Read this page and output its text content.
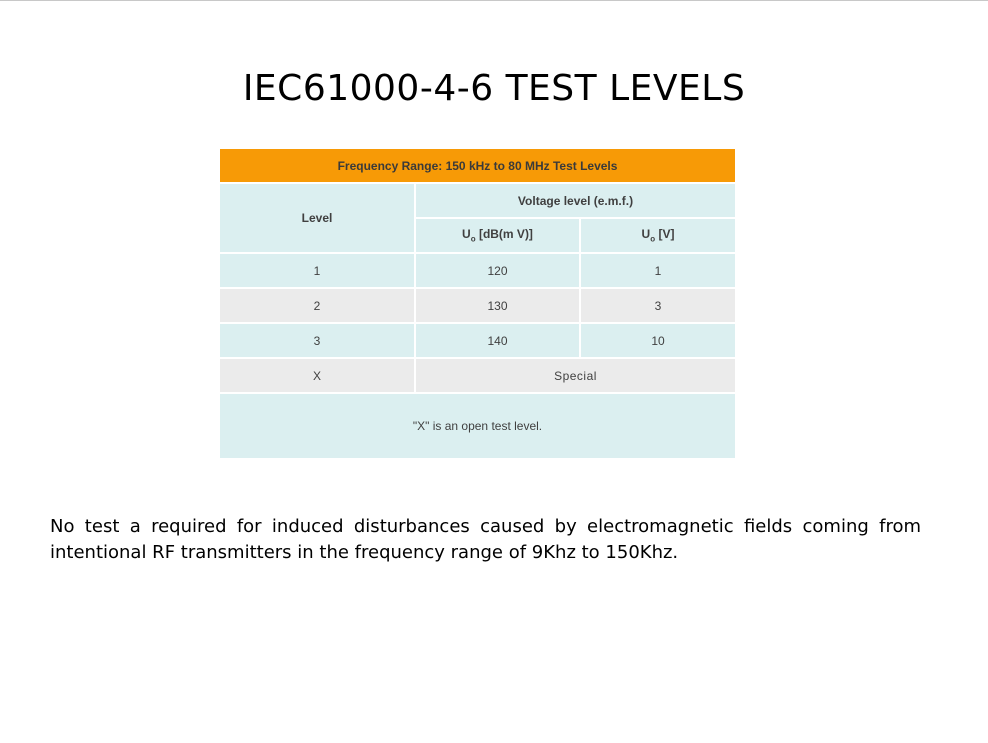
IEC61000-4-6 TEST LEVELS
Frequency Range: 150 kHz to 80 MHz Test Levels		
Level	Voltage level (e.m.f.)	
	$U_o$ [dB(m V)]	$U_o$ [V]
1	120	1
2	130	3
3	140	10
X	Special	
"X" is an open test level.		
No test a required for induced disturbances caused by electromagnetic fields coming from intentional RF transmitters in the frequency range of 9Khz to 150Khz.
